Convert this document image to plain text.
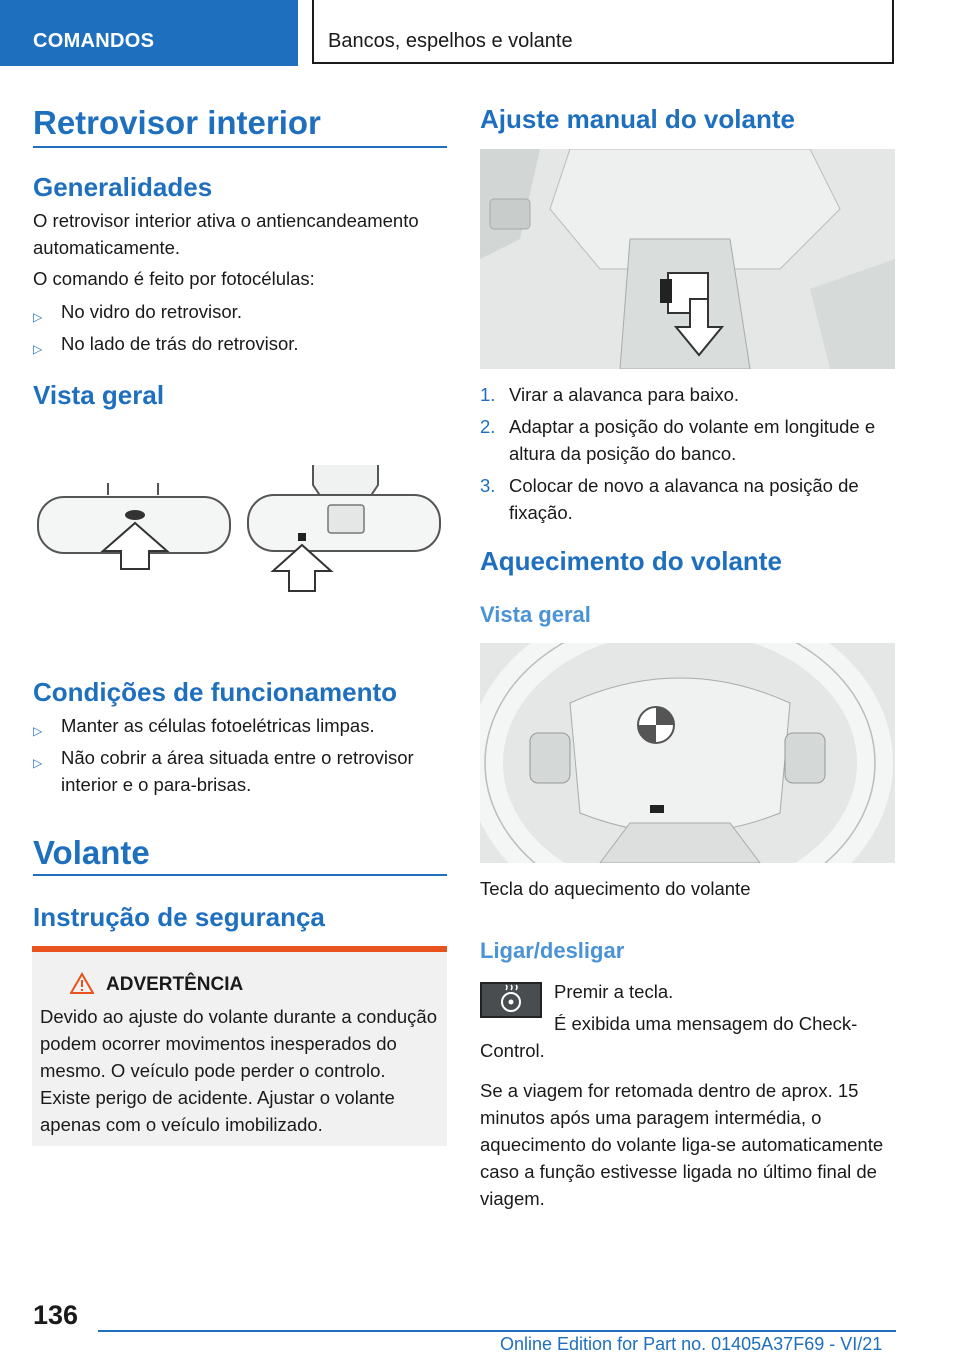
COMANDOS	Bancos, espelhos e volante
Retrovisor interior
Generalidades

O retrovisor interior ativa o antiencandeamento automaticamente.

O comando é feito por fotocélulas:

▷ No vidro do retrovisor.
▷ No lado de trás do retrovisor.
Vista geral
Condições de funcionamento
▷ Manter as células fotoelétricas limpas.
▷ Não cobrir a área situada entre o retrovisor interior e o para-brisas.
Volante
Instrução de segurança
ADVERTÊNCIA

Devido ao ajuste do volante durante a condução podem ocorrer movimentos inesperados do mesmo. O veículo pode perder o controlo. Existe perigo de acidente. Ajustar o volante apenas com o veículo imobilizado.

Ajuste manual do volante
1. Virar a alavanca para baixo.
2. Adaptar a posição do volante em longitude e altura da posição do banco.
3. Colocar de novo a alavanca na posição de fixação.
Aquecimento do volante
Vista geral

Tecla do aquecimento do volante

Ligar/desligar

Premir a tecla.

É exibida uma mensagem do Check-Control.

Se a viagem for retomada dentro de aprox. 15 minutos após uma paragem intermédia, o aquecimento do volante liga-se automaticamente caso a função estivesse ligada no último final de viagem.

136
Online Edition for Part no. 01405A37F69 - VI/21
